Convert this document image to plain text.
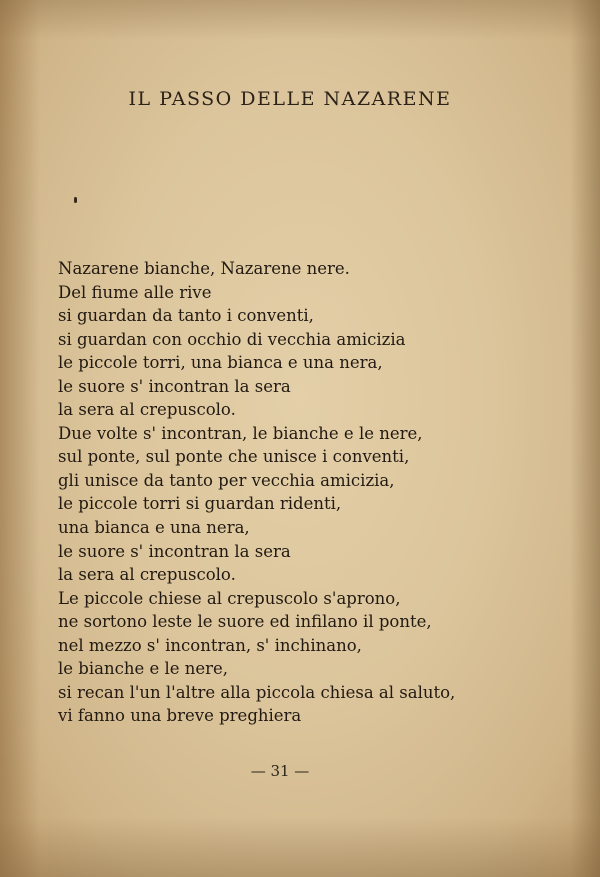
IL PASSO DELLE NAZARENE
Nazarene bianche, Nazarene nere.
Del fiume alle rive
si guardan da tanto i conventi,
si guardan con occhio di vecchia amicizia
le piccole torri, una bianca e una nera,
le suore s' incontran la sera
la sera al crepuscolo.
Due volte s' incontran, le bianche e le nere,
sul ponte, sul ponte che unisce i conventi,
gli unisce da tanto per vecchia amicizia,
le piccole torri si guardan ridenti,
una bianca e una nera,
le suore s' incontran la sera
la sera al crepuscolo.
Le piccole chiese al crepuscolo s'aprono,
ne sortono leste le suore ed infilano il ponte,
nel mezzo s' incontran, s' inchinano,
le bianche e le nere,
si recan l'un l'altre alla piccola chiesa al saluto,
vi fanno una breve preghiera
— 31 —
